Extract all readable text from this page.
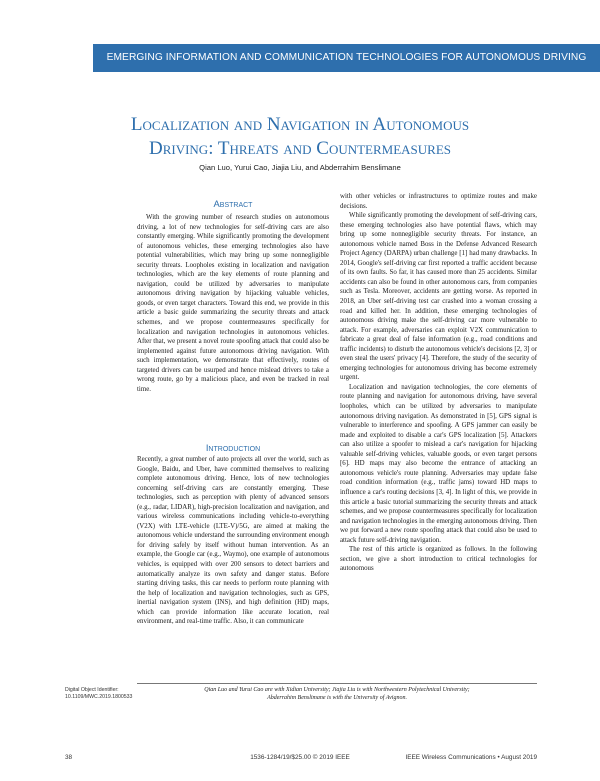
EMERGING INFORMATION AND COMMUNICATION TECHNOLOGIES FOR AUTONOMOUS DRIVING
Localization and Navigation in Autonomous
Driving: Threats and Countermeasures
Qian Luo, Yurui Cao, Jiajia Liu, and Abderrahim Benslimane
Abstract

With the growing number of research studies on autonomous driving, a lot of new technologies for self-driving cars are also constantly emerging. While significantly promoting the development of autonomous vehicles, these emerging technologies also have potential vulnerabilities, which may bring up some nonnegligible security threats. Loopholes existing in localization and navigation technologies, which are the key elements of route planning and navigation, could be utilized by adversaries to manipulate autonomous driving navigation by hijacking valuable vehicles, goods, or even target characters. Toward this end, we provide in this article a basic guide summarizing the security threats and attack schemes, and we propose countermeasures specifically for localization and navigation technologies in autonomous vehicles. After that, we present a novel route spoofing attack that could also be implemented against future autonomous driving navigation. With such implementation, we demonstrate that effectively, routes of targeted drivers can be usurped and hence mislead drivers to take a wrong route, go by a malicious place, and even be tracked in real time.

Introduction

Recently, a great number of auto projects all over the world, such as Google, Baidu, and Uber, have committed themselves to realizing complete autonomous driving. Hence, lots of new technologies concerning self-driving cars are constantly emerging. These technologies, such as perception with plenty of advanced sensors (e.g., radar, LIDAR), high-precision localization and navigation, and various wireless communications including vehicle-to-everything (V2X) with LTE-vehicle (LTE-V)/5G, are aimed at making the autonomous vehicle understand the surrounding environment enough for driving safely by itself without human intervention. As an example, the Google car (e.g., Waymo), one example of autonomous vehicles, is equipped with over 200 sensors to detect barriers and automatically analyze its own safety and danger status. Before starting driving tasks, this car needs to perform route planning with the help of localization and navigation technologies, such as GPS, inertial navigation system (INS), and high definition (HD) maps, which can provide information like accurate location, real environment, and real-time traffic. Also, it can communicate

with other vehicles or infrastructures to optimize routes and make decisions.

While significantly promoting the development of self-driving cars, these emerging technologies also have potential flaws, which may bring up some nonnegligible security threats. For instance, an autonomous vehicle named Boss in the Defense Advanced Research Project Agency (DARPA) urban challenge [1] had many drawbacks. In 2014, Google's self-driving car first reported a traffic accident because of its own faults. So far, it has caused more than 25 accidents. Similar accidents can also be found in other autonomous cars, from companies such as Tesla. Moreover, accidents are getting worse. As reported in 2018, an Uber self-driving test car crashed into a woman crossing a road and killed her. In addition, these emerging technologies of autonomous driving make the self-driving car more vulnerable to attack. For example, adversaries can exploit V2X communication to fabricate a great deal of false information (e.g., road conditions and traffic incidents) to disturb the autonomous vehicle's decisions [2, 3] or even steal the users' privacy [4]. Therefore, the study of the security of emerging technologies for autonomous driving has become extremely urgent.

Localization and navigation technologies, the core elements of route planning and navigation for autonomous driving, have several loopholes, which can be utilized by adversaries to manipulate autonomous driving navigation. As demonstrated in [5], GPS signal is vulnerable to interference and spoofing. A GPS jammer can easily be made and exploited to disable a car's GPS localization [5]. Attackers can also utilize a spoofer to mislead a car's navigation for hijacking valuable self-driving vehicles, valuable goods, or even target persons [6]. HD maps may also become the entrance of attacking an autonomous vehicle's route planning. Adversaries may update false road condition information (e.g., traffic jams) toward HD maps to influence a car's routing decisions [3, 4]. In light of this, we provide in this article a basic tutorial summarizing the security threats and attack schemes, and we propose countermeasures specifically for localization and navigation technologies in the emerging autonomous driving. Then we put forward a new route spoofing attack that could also be used to attack future self-driving navigation.

The rest of this article is organized as follows. In the following section, we give a short introduction to critical technologies for autonomous

Digital Object Identifier:
10.1109/MWC.2019.1800533
Qian Luo and Yurui Cao are with Xidian University; Jiajia Liu is with Northwestern Polytechnical University;
Abderrahim Benslimane is with the University of Avignon.
38	1536-1284/19/$25.00 © 2019 IEEE	IEEE Wireless Communications • August 2019
